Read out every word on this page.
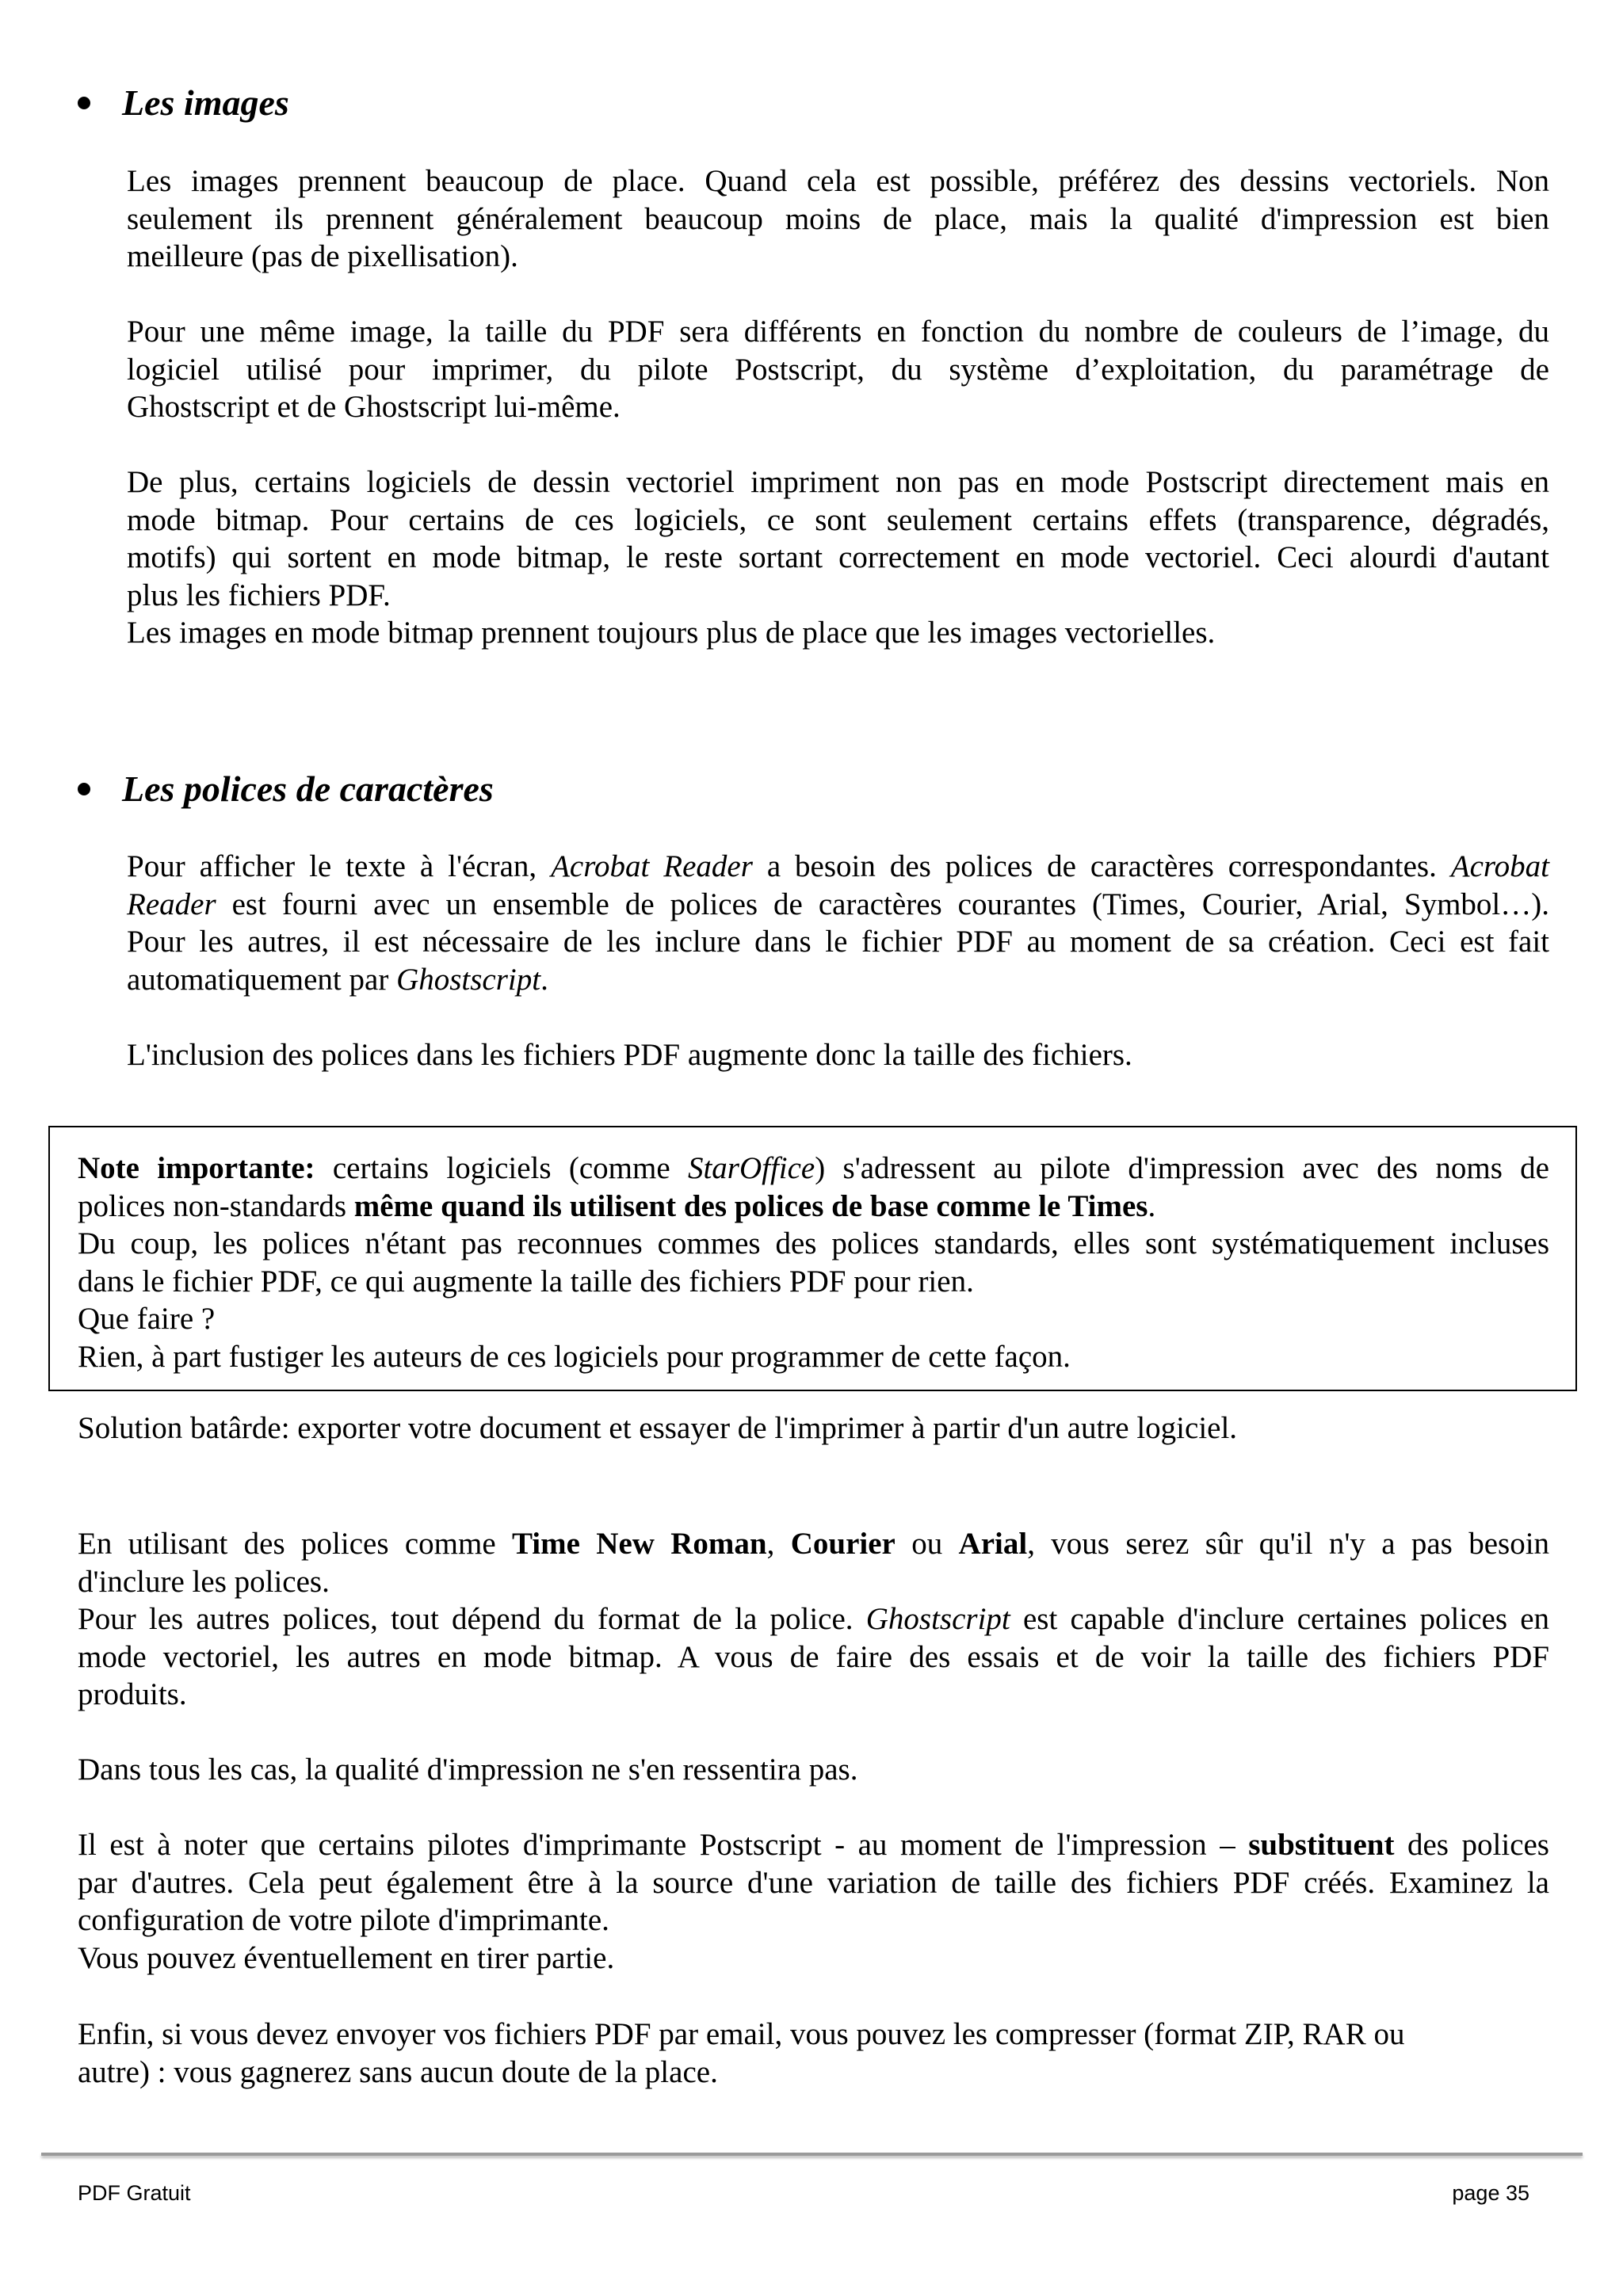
Les images
Les images prennent beaucoup de place. Quand cela est possible, préférez des dessins vectoriels. Non
seulement ils prennent généralement beaucoup moins de place, mais la qualité d'impression est bien
meilleure (pas de pixellisation).
Pour une même image, la taille du PDF sera différents en fonction du nombre de couleurs de l’image, du
logiciel utilisé pour imprimer, du pilote Postscript, du système d’exploitation, du paramétrage de
Ghostscript et de Ghostscript lui-même.
De plus, certains logiciels de dessin vectoriel impriment non pas en mode Postscript directement mais en
mode bitmap. Pour certains de ces logiciels, ce sont seulement certains effets (transparence, dégradés,
motifs) qui sortent en mode bitmap, le reste sortant correctement en mode vectoriel. Ceci alourdi d'autant
plus les fichiers PDF.
Les images en mode bitmap prennent toujours plus de place que les images vectorielles.
Les polices de caractères
Pour afficher le texte à l'écran, Acrobat Reader a besoin des polices de caractères correspondantes. Acrobat
Reader est fourni avec un ensemble de polices de caractères courantes (Times, Courier, Arial, Symbol…).
Pour les autres, il est nécessaire de les inclure dans le fichier PDF au moment de sa création. Ceci est fait
automatiquement par Ghostscript.
L'inclusion des polices dans les fichiers PDF augmente donc la taille des fichiers.
Note importante: certains logiciels (comme StarOffice) s'adressent au pilote d'impression avec des noms de
polices non-standards même quand ils utilisent des polices de base comme le Times.
Du coup, les polices n'étant pas reconnues commes des polices standards, elles sont systématiquement incluses
dans le fichier PDF, ce qui augmente la taille des fichiers PDF pour rien.
Que faire ?
Rien, à part fustiger les auteurs de ces logiciels pour programmer de cette façon.
Solution batârde: exporter votre document et essayer de l'imprimer à partir d'un autre logiciel.
En utilisant des polices comme Time New Roman, Courier ou Arial, vous serez sûr qu'il n'y a pas besoin
d'inclure les polices.
Pour les autres polices, tout dépend du format de la police. Ghostscript est capable d'inclure certaines polices en
mode vectoriel, les autres en mode bitmap. A vous de faire des essais et de voir la taille des fichiers PDF
produits.
Dans tous les cas, la qualité d'impression ne s'en ressentira pas.
Il est à noter que certains pilotes d'imprimante Postscript - au moment de l'impression – substituent des polices
par d'autres. Cela peut également être à la source d'une variation de taille des fichiers PDF créés. Examinez la
configuration de votre pilote d'imprimante.
Vous pouvez éventuellement en tirer partie.
Enfin, si vous devez envoyer vos fichiers PDF par email, vous pouvez les compresser (format ZIP, RAR ou
autre) : vous gagnerez sans aucun doute de la place.
PDF Gratuit	page 35
